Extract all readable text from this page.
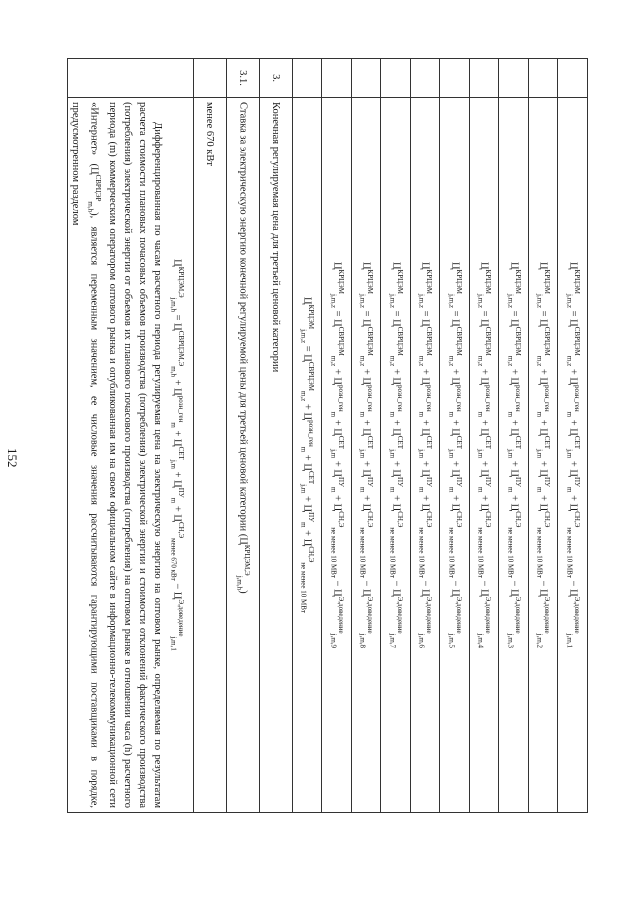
152
	$Ц^{КРЦЭМ}_{j,m,z} = Ц^{СВРЦЭМ}_{m,z} + Ц^{розн\_ген}_m + Ц^{СЕТ}_{j,m} + Ц^{ПУ}_m + Ц^{СН,Э}_{не менее 10 МВт} - Ц^{Э,доведение}_{j,m,1}$
	$Ц^{КРЦЭМ}_{j,m,z} = Ц^{СВРЦЭМ}_{m,z} + Ц^{розн\_ген}_m + Ц^{СЕТ}_{j,m} + Ц^{ПУ}_m + Ц^{СН,Э}_{не менее 10 МВт} - Ц^{Э,доведение}_{j,m,2}$
	$Ц^{КРЦЭМ}_{j,m,z} = Ц^{СВРЦЭМ}_{m,z} + Ц^{розн\_ген}_m + Ц^{СЕТ}_{j,m} + Ц^{ПУ}_m + Ц^{СН,Э}_{не менее 10 МВт} - Ц^{Э,доведение}_{j,m,3}$
	$Ц^{КРЦЭМ}_{j,m,z} = Ц^{СВРЦЭМ}_{m,z} + Ц^{розн\_ген}_m + Ц^{СЕТ}_{j,m} + Ц^{ПУ}_m + Ц^{СН,Э}_{не менее 10 МВт} - Ц^{Э,доведение}_{j,m,4}$
	$Ц^{КРЦЭМ}_{j,m,z} = Ц^{СВРЦЭМ}_{m,z} + Ц^{розн\_ген}_m + Ц^{СЕТ}_{j,m} + Ц^{ПУ}_m + Ц^{СН,Э}_{не менее 10 МВт} - Ц^{Э,доведение}_{j,m,5}$
	$Ц^{КРЦЭМ}_{j,m,z} = Ц^{СВРЦЭМ}_{m,z} + Ц^{розн\_ген}_m + Ц^{СЕТ}_{j,m} + Ц^{ПУ}_m + Ц^{СН,Э}_{не менее 10 МВт} - Ц^{Э,доведение}_{j,m,6}$
	$Ц^{КРЦЭМ}_{j,m,z} = Ц^{СВРЦЭМ}_{m,z} + Ц^{розн\_ген}_m + Ц^{СЕТ}_{j,m} + Ц^{ПУ}_m + Ц^{СН,Э}_{не менее 10 МВт} - Ц^{Э,доведение}_{j,m,7}$
	$Ц^{КРЦЭМ}_{j,m,z} = Ц^{СВРЦЭМ}_{m,z} + Ц^{розн\_ген}_m + Ц^{СЕТ}_{j,m} + Ц^{ПУ}_m + Ц^{СН,Э}_{не менее 10 МВт} - Ц^{Э,доведение}_{j,m,8}$
	$Ц^{КРЦЭМ}_{j,m,z} = Ц^{СВРЦЭМ}_{m,z} + Ц^{розн\_ген}_m + Ц^{СЕТ}_{j,m} + Ц^{ПУ}_m + Ц^{СН,Э}_{не менее 10 МВт} - Ц^{Э,доведение}_{j,m,9}$
	$Ц^{КРЦЭМ}_{j,m,z} = Ц^{СВРЦЭМ}_{m,z} + Ц^{розн\_ген}_m + Ц^{СЕТ}_{j,m} + Ц^{ПУ}_m + Ц^{СН,Э}_{не менее 10 МВт}$
3.	Конечная регулируемая цена для третьей ценовой категории
3.1.	Ставка за электрическую энергию конечной регулируемой цены для третьей ценовой категории $(Ц^{КРЦЭМ,Э}_{j,m,h})$
	менее 670 кВт

	$Ц^{КРЦЭМ,Э}_{j,m,h} = Ц^{СВРЦЭМ,Э}_{m,h} + Ц^{розн\_ген}_m + Ц^{СЕТ}_{j,m} + Ц^{ПУ}_m + Ц^{СН,Э}_{менее 670 кВт} - Ц^{Э,доведение}_{j,m,1}$
Дифференцированная по часам расчетного периода регулируемая цена на электрическую энергию на оптовом рынке, определяемая по результатам расчета стоимости плановых почасовых объемов производства (потребления) электрической энергии и стоимости отклонений фактического производства (потребления) электрической энергии от объемов их планового почасового производства (потребления) на оптовом рынке в отношении часа (h) расчетного периода (m) коммерческим оператором оптового рынка и опубликованная им на своем официальном сайте в информационно-телекоммуникационной сети «Интернет» $(Ц^{СВРЦЭР}_{m,h})$, является переменным значением, ее числовые значения рассчитываются гарантирующими поставщиками в порядке, предусмотренном разделом
